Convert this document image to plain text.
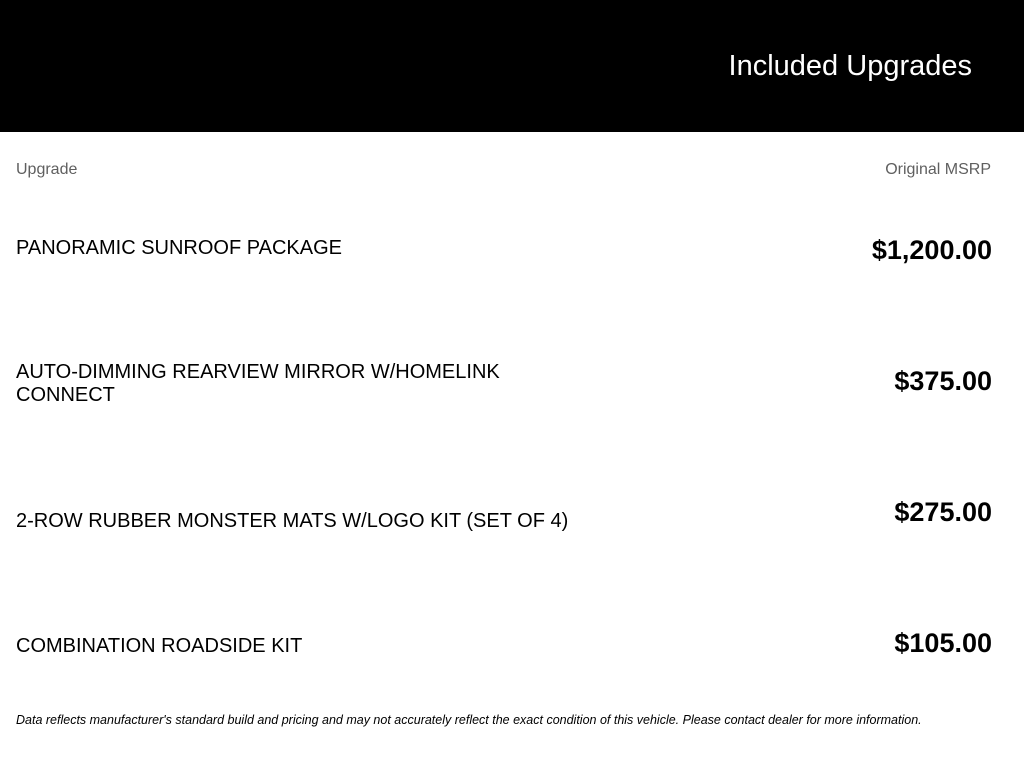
Included Upgrades
Upgrade	Original MSRP
PANORAMIC SUNROOF PACKAGE	$1,200.00
AUTO-DIMMING REARVIEW MIRROR W/HOMELINK CONNECT	$375.00
2-ROW RUBBER MONSTER MATS W/LOGO KIT (SET OF 4)	$275.00
COMBINATION ROADSIDE KIT	$105.00
Data reflects manufacturer's standard build and pricing and may not accurately reflect the exact condition of this vehicle. Please contact dealer for more information.
